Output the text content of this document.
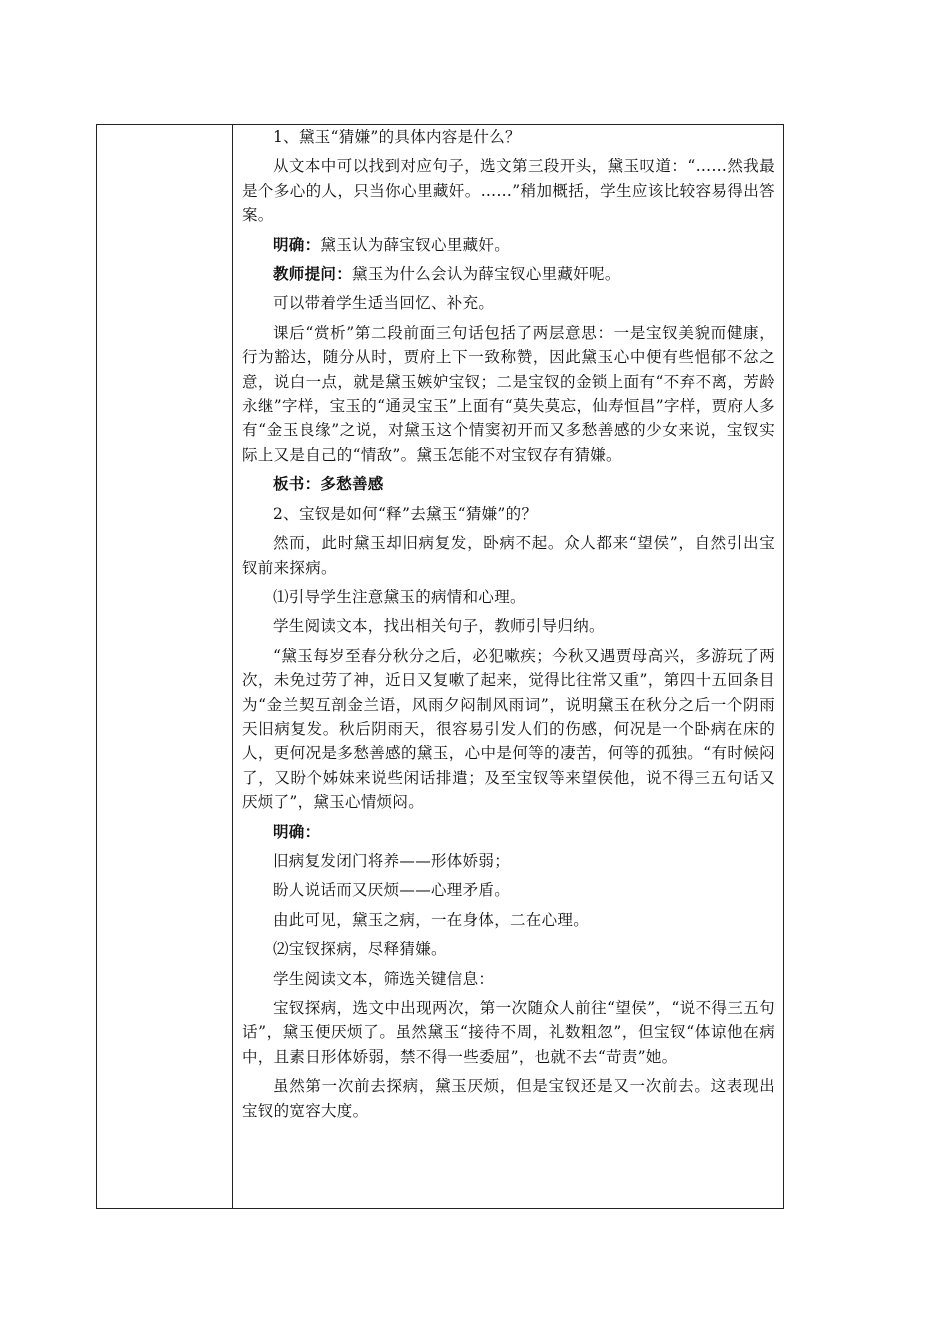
1、黛玉“猜嫌”的具体内容是什么？

从文本中可以找到对应句子，选文第三段开头，黛玉叹道：“……然我最是个多心的人，只当你心里藏奸。……”稍加概括，学生应该比较容易得出答案。

明确：黛玉认为薛宝钗心里藏奸。

教师提问：黛玉为什么会认为薛宝钗心里藏奸呢。

可以带着学生适当回忆、补充。

课后“赏析”第二段前面三句话包括了两层意思：一是宝钗美貌而健康，行为豁达，随分从时，贾府上下一致称赞，因此黛玉心中便有些悒郁不忿之意，说白一点，就是黛玉嫉妒宝钗；二是宝钗的金锁上面有“不弃不离，芳龄永继”字样，宝玉的“通灵宝玉”上面有“莫失莫忘，仙寿恒昌”字样，贾府人多有“金玉良缘”之说，对黛玉这个情窦初开而又多愁善感的少女来说，宝钗实际上又是自己的“情敌”。黛玉怎能不对宝钗存有猜嫌。

板书：多愁善感

2、宝钗是如何“释”去黛玉“猜嫌”的？

然而，此时黛玉却旧病复发，卧病不起。众人都来“望侯”，自然引出宝钗前来探病。

⑴引导学生注意黛玉的病情和心理。

学生阅读文本，找出相关句子，教师引导归纳。

“黛玉每岁至春分秋分之后，必犯嗽疾；今秋又遇贾母高兴，多游玩了两次，未免过劳了神，近日又复嗽了起来，觉得比往常又重”，第四十五回条目为“金兰契互剖金兰语，风雨夕闷制风雨词”，说明黛玉在秋分之后一个阴雨天旧病复发。秋后阴雨天，很容易引发人们的伤感，何况是一个卧病在床的人，更何况是多愁善感的黛玉，心中是何等的凄苦，何等的孤独。“有时候闷了，又盼个姊妹来说些闲话排遣；及至宝钗等来望侯他，说不得三五句话又厌烦了”，黛玉心情烦闷。

明确：

旧病复发闭门将养——形体娇弱；

盼人说话而又厌烦——心理矛盾。

由此可见，黛玉之病，一在身体，二在心理。

⑵宝钗探病，尽释猜嫌。

学生阅读文本，筛选关键信息：

宝钗探病，选文中出现两次，第一次随众人前往“望侯”，“说不得三五句话”，黛玉便厌烦了。虽然黛玉“接待不周，礼数粗忽”，但宝钗“体谅他在病中，且素日形体娇弱，禁不得一些委屈”，也就不去“苛责”她。

虽然第一次前去探病，黛玉厌烦，但是宝钗还是又一次前去。这表现出宝钗的宽容大度。
